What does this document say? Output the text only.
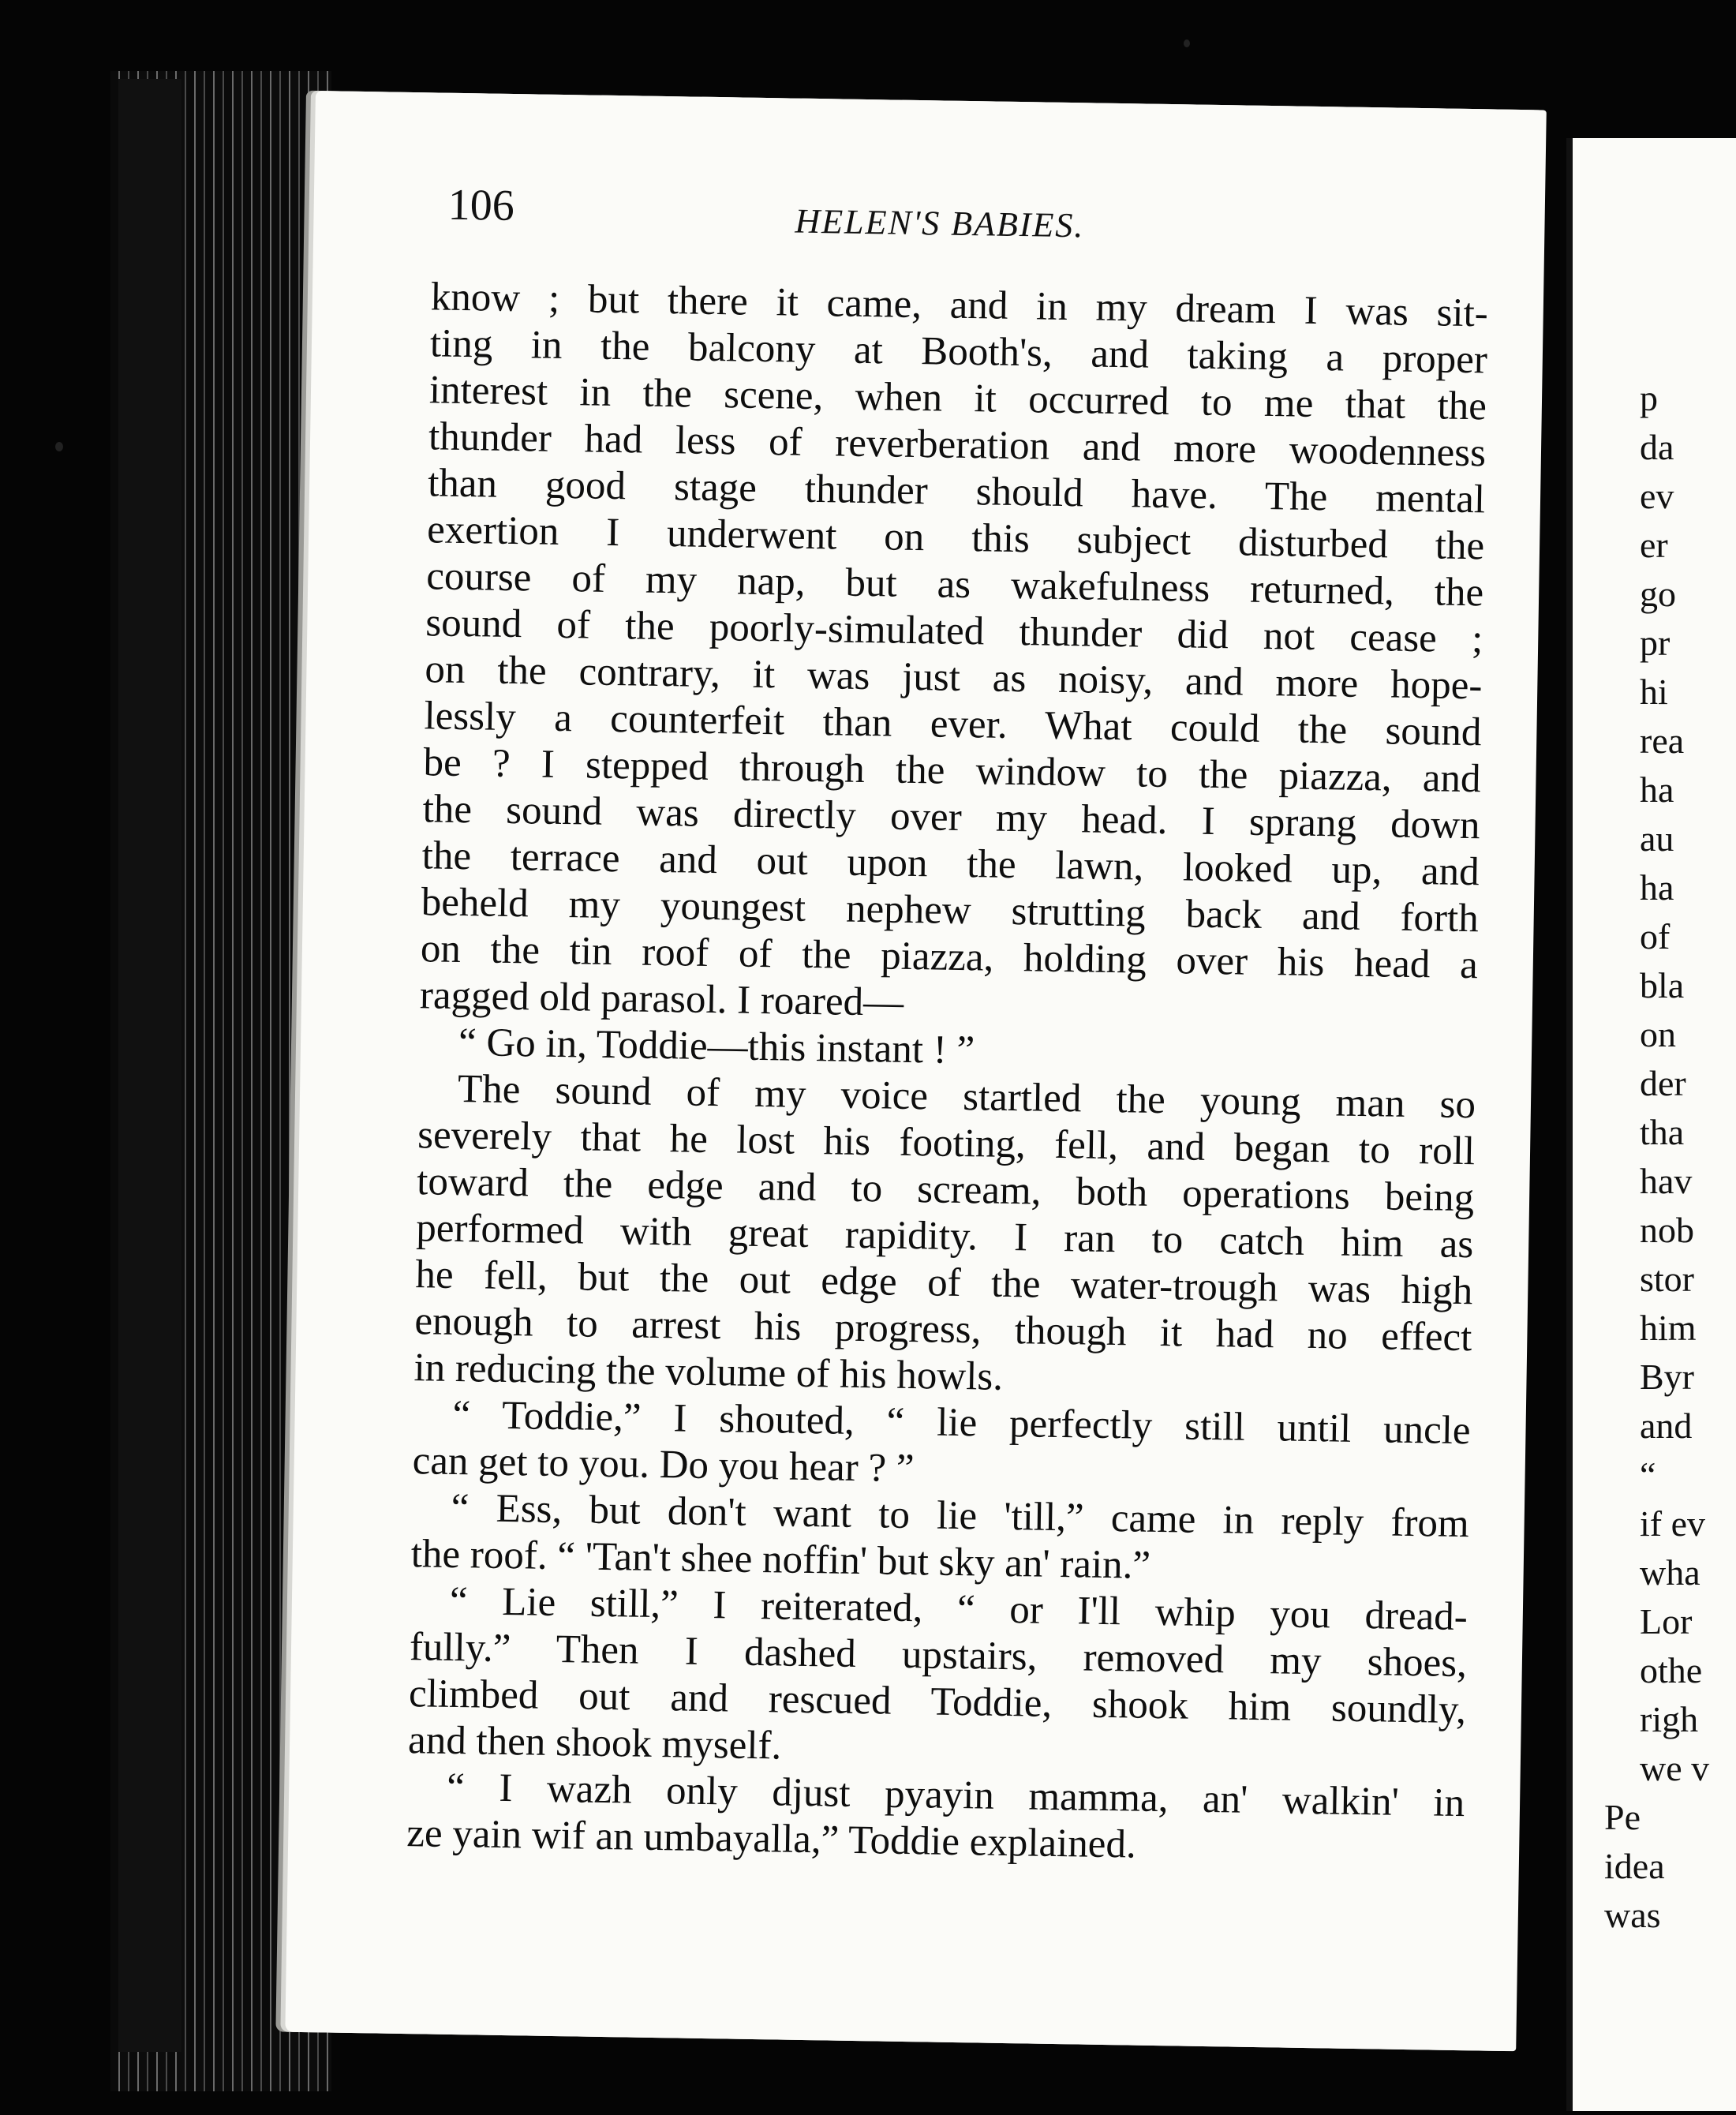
106	HELEN'S BABIES.
know ; but there it came, and in my dream I was sit-
ting in the balcony at Booth's, and taking a proper
interest in the scene, when it occurred to me that the
thunder had less of reverberation and more woodenness
than good stage thunder should have. The mental
exertion I underwent on this subject disturbed the
course of my nap, but as wakefulness returned, the
sound of the poorly-simulated thunder did not cease ;
on the contrary, it was just as noisy, and more hope-
lessly a counterfeit than ever. What could the sound
be ? I stepped through the window to the piazza, and
the sound was directly over my head. I sprang down
the terrace and out upon the lawn, looked up, and
beheld my youngest nephew strutting back and forth
on the tin roof of the piazza, holding over his head a
ragged old parasol. I roared—
“ Go in, Toddie—this instant ! ”
The sound of my voice startled the young man so
severely that he lost his footing, fell, and began to roll
toward the edge and to scream, both operations being
performed with great rapidity. I ran to catch him as
he fell, but the out edge of the water-trough was high
enough to arrest his progress, though it had no effect
in reducing the volume of his howls.
“ Toddie,” I shouted, “ lie perfectly still until uncle
can get to you. Do you hear ? ”
“ Ess, but don't want to lie 'till,” came in reply from
the roof. “ 'Tan't shee noffin' but sky an' rain.”
“ Lie still,” I reiterated, “ or I'll whip you dread-
fully.” Then I dashed upstairs, removed my shoes,
climbed out and rescued Toddie, shook him soundly,
and then shook myself.
“ I wazh only djust pyayin mamma, an' walkin' in
ze yain wif an umbayalla,” Toddie explained.
p
da
ev
er
go
pr
hi
rea
ha
au
ha
of
bla
on
der
tha
hav
nob
stor
him
Byr
and
“
if ev
wha
Lor
othe
righ
we v
Pe
idea
was
